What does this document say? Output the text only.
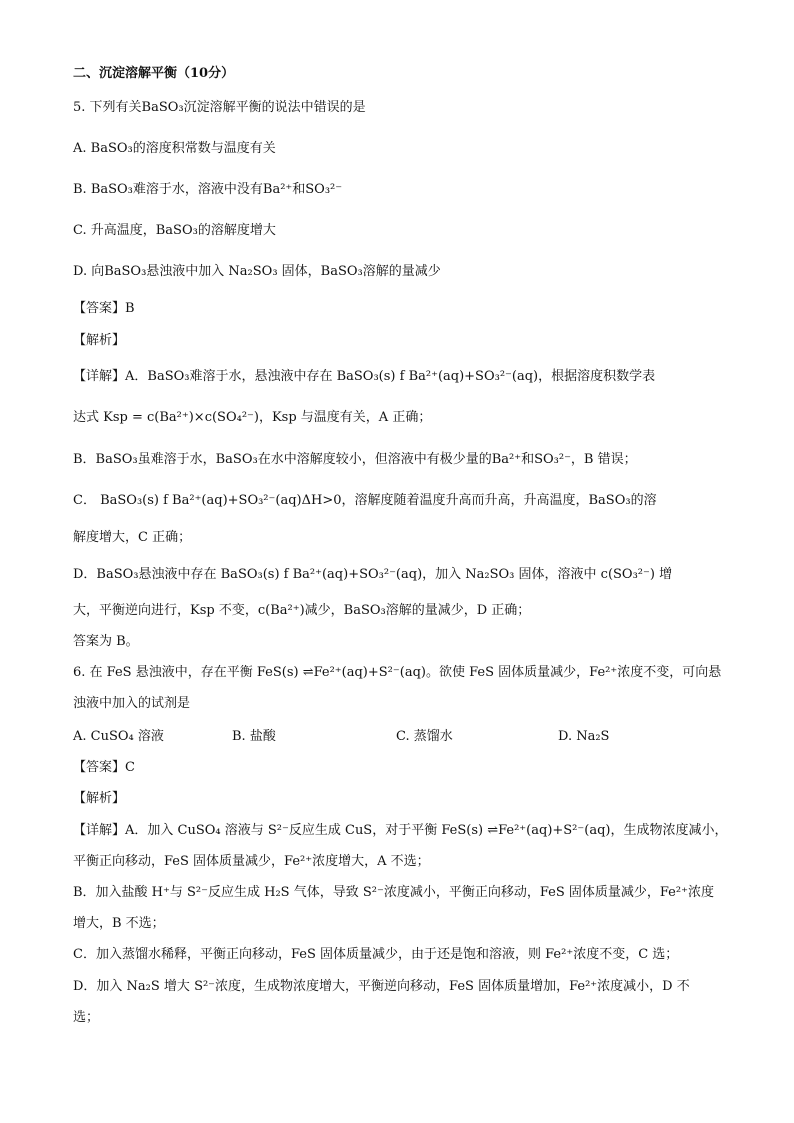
二、沉淀溶解平衡（10分）
5. 下列有关BaSO₃沉淀溶解平衡的说法中错误的是
A. BaSO₃的溶度积常数与温度有关
B. BaSO₃难溶于水，溶液中没有Ba²⁺和SO₃²⁻
C. 升高温度，BaSO₃的溶解度增大
D. 向BaSO₃悬浊液中加入 Na₂SO₃ 固体，BaSO₃溶解的量减少
【答案】B
【解析】
【详解】A．BaSO₃难溶于水，悬浊液中存在 BaSO₃(s) f Ba²⁺(aq)+SO₃²⁻(aq)，根据溶度积数学表
达式 Ksp = c(Ba²⁺)×c(SO₄²⁻)，Ksp 与温度有关，A 正确；
B．BaSO₃虽难溶于水，BaSO₃在水中溶解度较小，但溶液中有极少量的Ba²⁺和SO₃²⁻，B 错误；
C． BaSO₃(s) f Ba²⁺(aq)+SO₃²⁻(aq)ΔH>0，溶解度随着温度升高而升高，升高温度，BaSO₃的溶
解度增大，C 正确；
D．BaSO₃悬浊液中存在 BaSO₃(s) f Ba²⁺(aq)+SO₃²⁻(aq)，加入 Na₂SO₃ 固体，溶液中 c(SO₃²⁻) 增
大，平衡逆向进行，Ksp 不变，c(Ba²⁺)减少，BaSO₃溶解的量减少，D 正确；
答案为 B。
6. 在 FeS 悬浊液中，存在平衡 FeS(s) ⇌Fe²⁺(aq)+S²⁻(aq)。欲使 FeS 固体质量减少，Fe²⁺浓度不变，可向悬
浊液中加入的试剂是
A. CuSO₄ 溶液	B. 盐酸	C. 蒸馏水	D. Na₂S
【答案】C
【解析】
【详解】A．加入 CuSO₄ 溶液与 S²⁻反应生成 CuS，对于平衡 FeS(s) ⇌Fe²⁺(aq)+S²⁻(aq)，生成物浓度减小，
平衡正向移动，FeS 固体质量减少，Fe²⁺浓度增大，A 不选；
B．加入盐酸 H⁺与 S²⁻反应生成 H₂S 气体，导致 S²⁻浓度减小，平衡正向移动，FeS 固体质量减少，Fe²⁺浓度
增大，B 不选；
C．加入蒸馏水稀释，平衡正向移动，FeS 固体质量减少，由于还是饱和溶液，则 Fe²⁺浓度不变，C 选；
D．加入 Na₂S 增大 S²⁻浓度，生成物浓度增大，平衡逆向移动，FeS 固体质量增加，Fe²⁺浓度减小，D 不
选；
